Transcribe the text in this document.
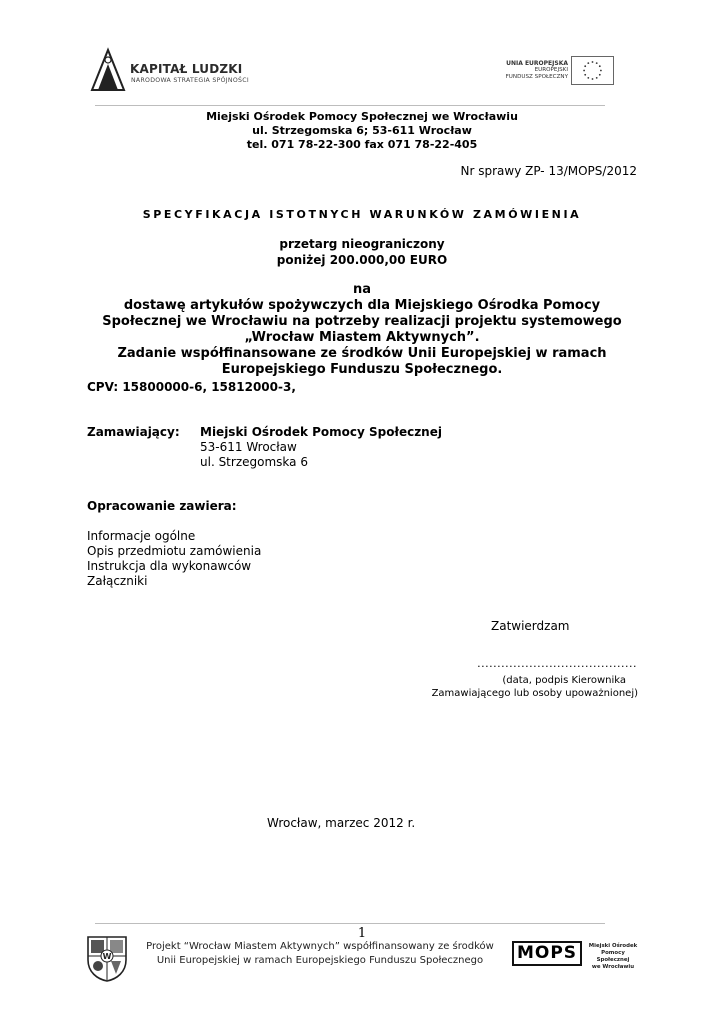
KAPITAŁ LUDZKI
NARODOWA STRATEGIA SPÓJNOŚCI
UNIA EUROPEJSKA
EUROPEJSKI
FUNDUSZ SPOŁECZNY
Miejski Ośrodek Pomocy Społecznej we Wrocławiu
ul. Strzegomska 6; 53-611 Wrocław
tel. 071 78-22-300 fax 071 78-22-405
Nr sprawy ZP- 13/MOPS/2012
SPECYFIKACJA ISTOTNYCH WARUNKÓW ZAMÓWIENIA
przetarg nieograniczony
poniżej 200.000,00 EURO
na
dostawę artykułów spożywczych dla Miejskiego Ośrodka Pomocy
Społecznej we Wrocławiu na potrzeby realizacji projektu systemowego
„Wrocław Miastem Aktywnych”.
Zadanie współfinansowane ze środków Unii Europejskiej w ramach
Europejskiego Funduszu Społecznego.
CPV: 15800000-6, 15812000-3,
Zamawiający: Miejski Ośrodek Pomocy Społecznej
53-611 Wrocław
ul. Strzegomska 6
Opracowanie zawiera:
Informacje ogólne
Opis przedmiotu zamówienia
Instrukcja dla wykonawców
Załączniki
Zatwierdzam
........................................
(data, podpis Kierownika
Zamawiającego lub osoby upoważnionej)
Wrocław, marzec 2012 r.
1
W
Projekt “Wrocław Miastem Aktywnych” współfinansowany ze środków
Unii Europejskiej w ramach Europejskiego Funduszu Społecznego	MOPS	Miejski Ośrodek
Pomocy Społecznej
we Wrocławiu
